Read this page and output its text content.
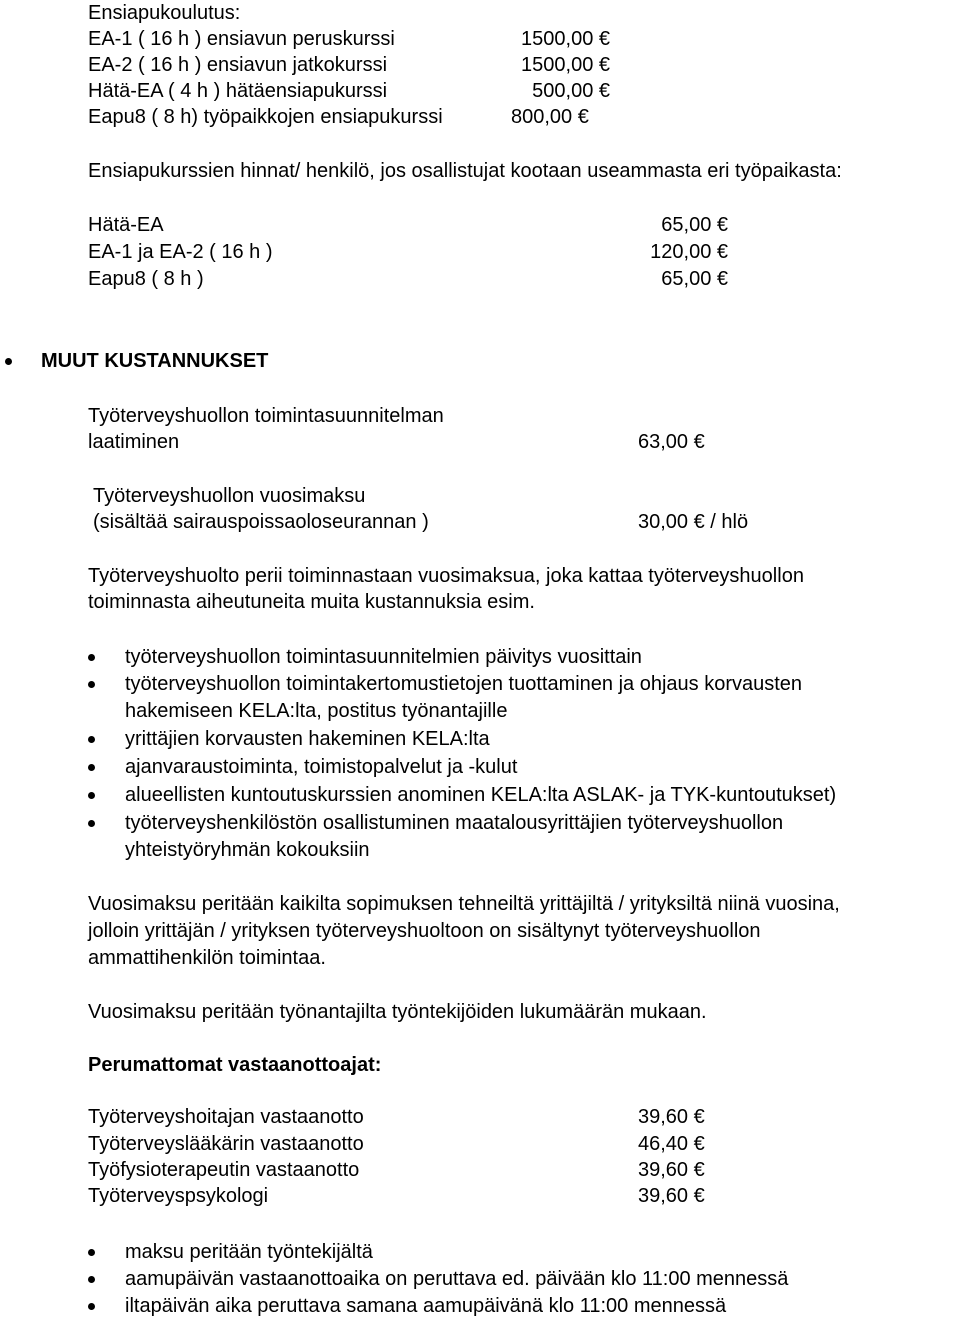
Ensiapukoulutus:
EA-1 ( 16 h ) ensiavun peruskurssi	1500,00 €
EA-2 ( 16 h ) ensiavun jatkokurssi	1500,00 €
Hätä-EA ( 4 h ) hätäensiapukurssi	500,00 €
Eapu8 ( 8 h) työpaikkojen ensiapukurssi	800,00 €
Ensiapukurssien hinnat/ henkilö, jos osallistujat kootaan useammasta eri työpaikasta:
Hätä-EA	65,00 €
EA-1 ja EA-2 ( 16 h )	120,00 €
Eapu8 ( 8 h )	65,00 €
MUUT KUSTANNUKSET
Työterveyshuollon toimintasuunnitelman
laatiminen	63,00 €
Työterveyshuollon vuosimaksu
(sisältää sairauspoissaoloseurannan )	30,00 € / hlö
Työterveyshuolto perii toiminnastaan vuosimaksua, joka kattaa työterveyshuollon
toiminnasta aiheutuneita muita kustannuksia esim.
työterveyshuollon toimintasuunnitelmien päivitys vuosittain
työterveyshuollon toimintakertomustietojen tuottaminen ja ohjaus korvausten
hakemiseen KELA:lta, postitus työnantajille
yrittäjien korvausten hakeminen KELA:lta
ajanvaraustoiminta, toimistopalvelut ja -kulut
alueellisten kuntoutuskurssien anominen KELA:lta ASLAK- ja TYK-kuntoutukset)
työterveyshenkilöstön osallistuminen maatalousyrittäjien työterveyshuollon
yhteistyöryhmän kokouksiin
Vuosimaksu peritään kaikilta sopimuksen tehneiltä yrittäjiltä / yrityksiltä niinä vuosina,
jolloin yrittäjän / yrityksen työterveyshuoltoon on sisältynyt työterveyshuollon
ammattihenkilön toimintaa.
Vuosimaksu peritään työnantajilta työntekijöiden lukumäärän mukaan.
Perumattomat vastaanottoajat:
Työterveyshoitajan vastaanotto	39,60 €
Työterveyslääkärin vastaanotto	46,40 €
Työfysioterapeutin vastaanotto	39,60 €
Työterveyspsykologi	39,60 €
maksu peritään työntekijältä
aamupäivän vastaanottoaika on peruttava ed. päivään klo 11:00 mennessä
iltapäivän aika peruttava samana aamupäivänä klo 11:00 mennessä
